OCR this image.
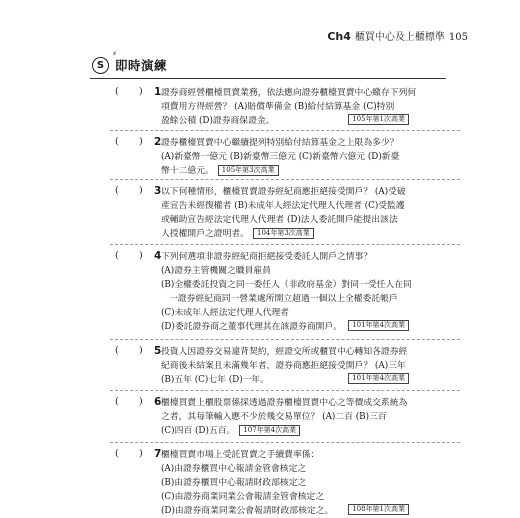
Ch4 櫃買中心及上櫃標準 105
S
⚡
即時演練
( ) 1 證券商經營櫃檯買賣業務，依法應向證券櫃檯買賣中心繳存下列何
項費用方得經營？ (A)賠償準備金 (B)給付結算基金 (C)特別
盈餘公積 (D)證券商保證金。	105年第1次高業
( ) 2 證券櫃檯買賣中心繼續提列特別給付結算基金之上限為多少？
(A)新臺幣一億元 (B)新臺幣三億元 (C)新臺幣六億元 (D)新臺
幣十二億元。 105年第3次高業
( ) 3 以下何種情形，櫃檯買賣證券經紀商應拒絕接受開戶？ (A)受破
產宣告未經復權者 (B)未成年人經法定代理人代理者 (C)受監護
或輔助宣告經法定代理人代理者 (D)法人委託開戶能提出該法
人授權開戶之證明者。 104年第3次高業
( ) 4 下列何選項非證券經紀商拒絕接受委託人開戶之情事？
(A)證券主管機關之職員雇員
(B)全權委託投資之同一委任人（非政府基金）對同一受任人在同
一證券經紀商同一營業處所開立超過一個以上全權委託帳戶
(C)未成年人經法定代理人代理者
(D)委託證券商之董事代理其在該證券商開戶。	101年第4次高業
( ) 5 投資人因證券交易違背契約，經證交所或櫃買中心轉知各證券經
紀商後未結案且未滿幾年者，證券商應拒絕接受開戶？ (A)三年
(B)五年 (C)七年 (D)一年。	101年第4次高業
( ) 6 櫃檯買賣上櫃股票係採透過證券櫃檯買賣中心之等價成交系統為
之者，其每筆輸入應不少於幾交易單位？ (A)二百 (B)三百
(C)四百 (D)五百。 107年第4次高業
( ) 7 櫃檯買賣市場上受託買賣之手續費率係：
(A)由證券櫃買中心報請金管會核定之
(B)由證券櫃買中心報請財政部核定之
(C)由證券商業同業公會報請金管會核定之
(D)由證券商業同業公會報請財政部核定之。	108年第1次高業
